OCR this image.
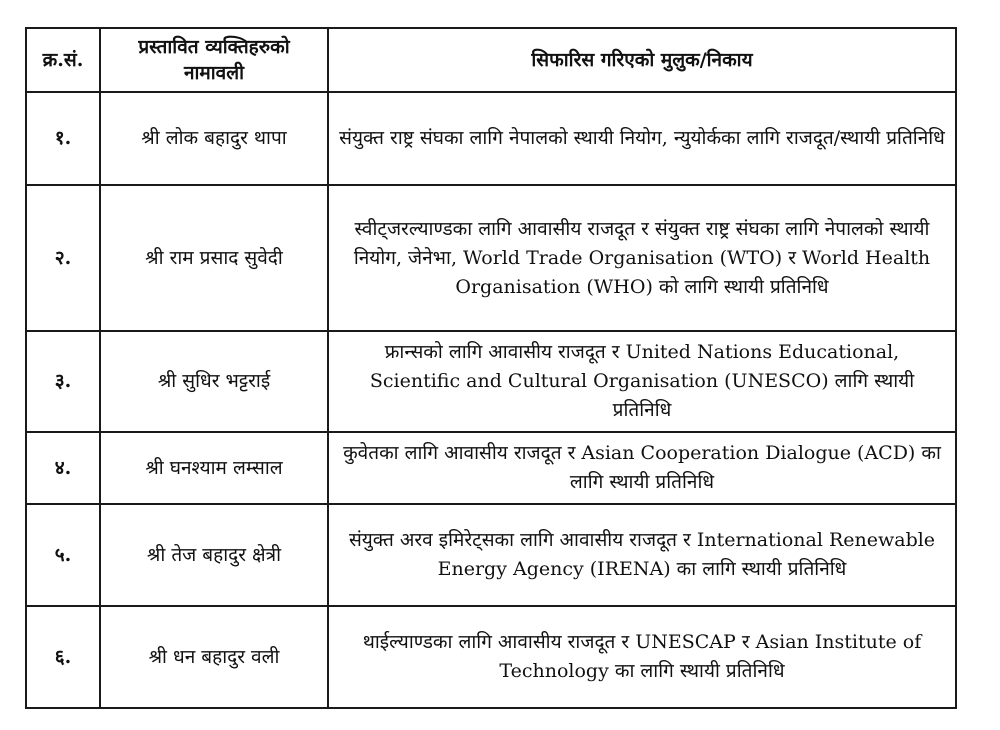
क्र.सं.	प्रस्तावित व्यक्तिहरुको नामावली	सिफारिस गरिएको मुलुक/निकाय
१.	श्री लोक बहादुर थापा	संयुक्त राष्ट्र संघका लागि नेपालको स्थायी नियोग, न्युयोर्कका लागि राजदूत/स्थायी प्रतिनिधि
२.	श्री राम प्रसाद सुवेदी	स्वीट्जरल्याण्डका लागि आवासीय राजदूत र संयुक्त राष्ट्र संघका लागि नेपालको स्थायी नियोग, जेनेभा, World Trade Organisation (WTO) र World Health Organisation (WHO) को लागि स्थायी प्रतिनिधि
३.	श्री सुधिर भट्टराई	फ्रान्सको लागि आवासीय राजदूत र United Nations Educational, Scientific and Cultural Organisation (UNESCO) लागि स्थायी प्रतिनिधि
४.	श्री घनश्याम लम्साल	कुवेतका लागि आवासीय राजदूत र Asian Cooperation Dialogue (ACD) का लागि स्थायी प्रतिनिधि
५.	श्री तेज बहादुर क्षेत्री	संयुक्त अरव इमिरेट्सका लागि आवासीय राजदूत र International Renewable Energy Agency (IRENA) का लागि स्थायी प्रतिनिधि
६.	श्री धन बहादुर वली	थाईल्याण्डका लागि आवासीय राजदूत र UNESCAP र Asian Institute of Technology का लागि स्थायी प्रतिनिधि
